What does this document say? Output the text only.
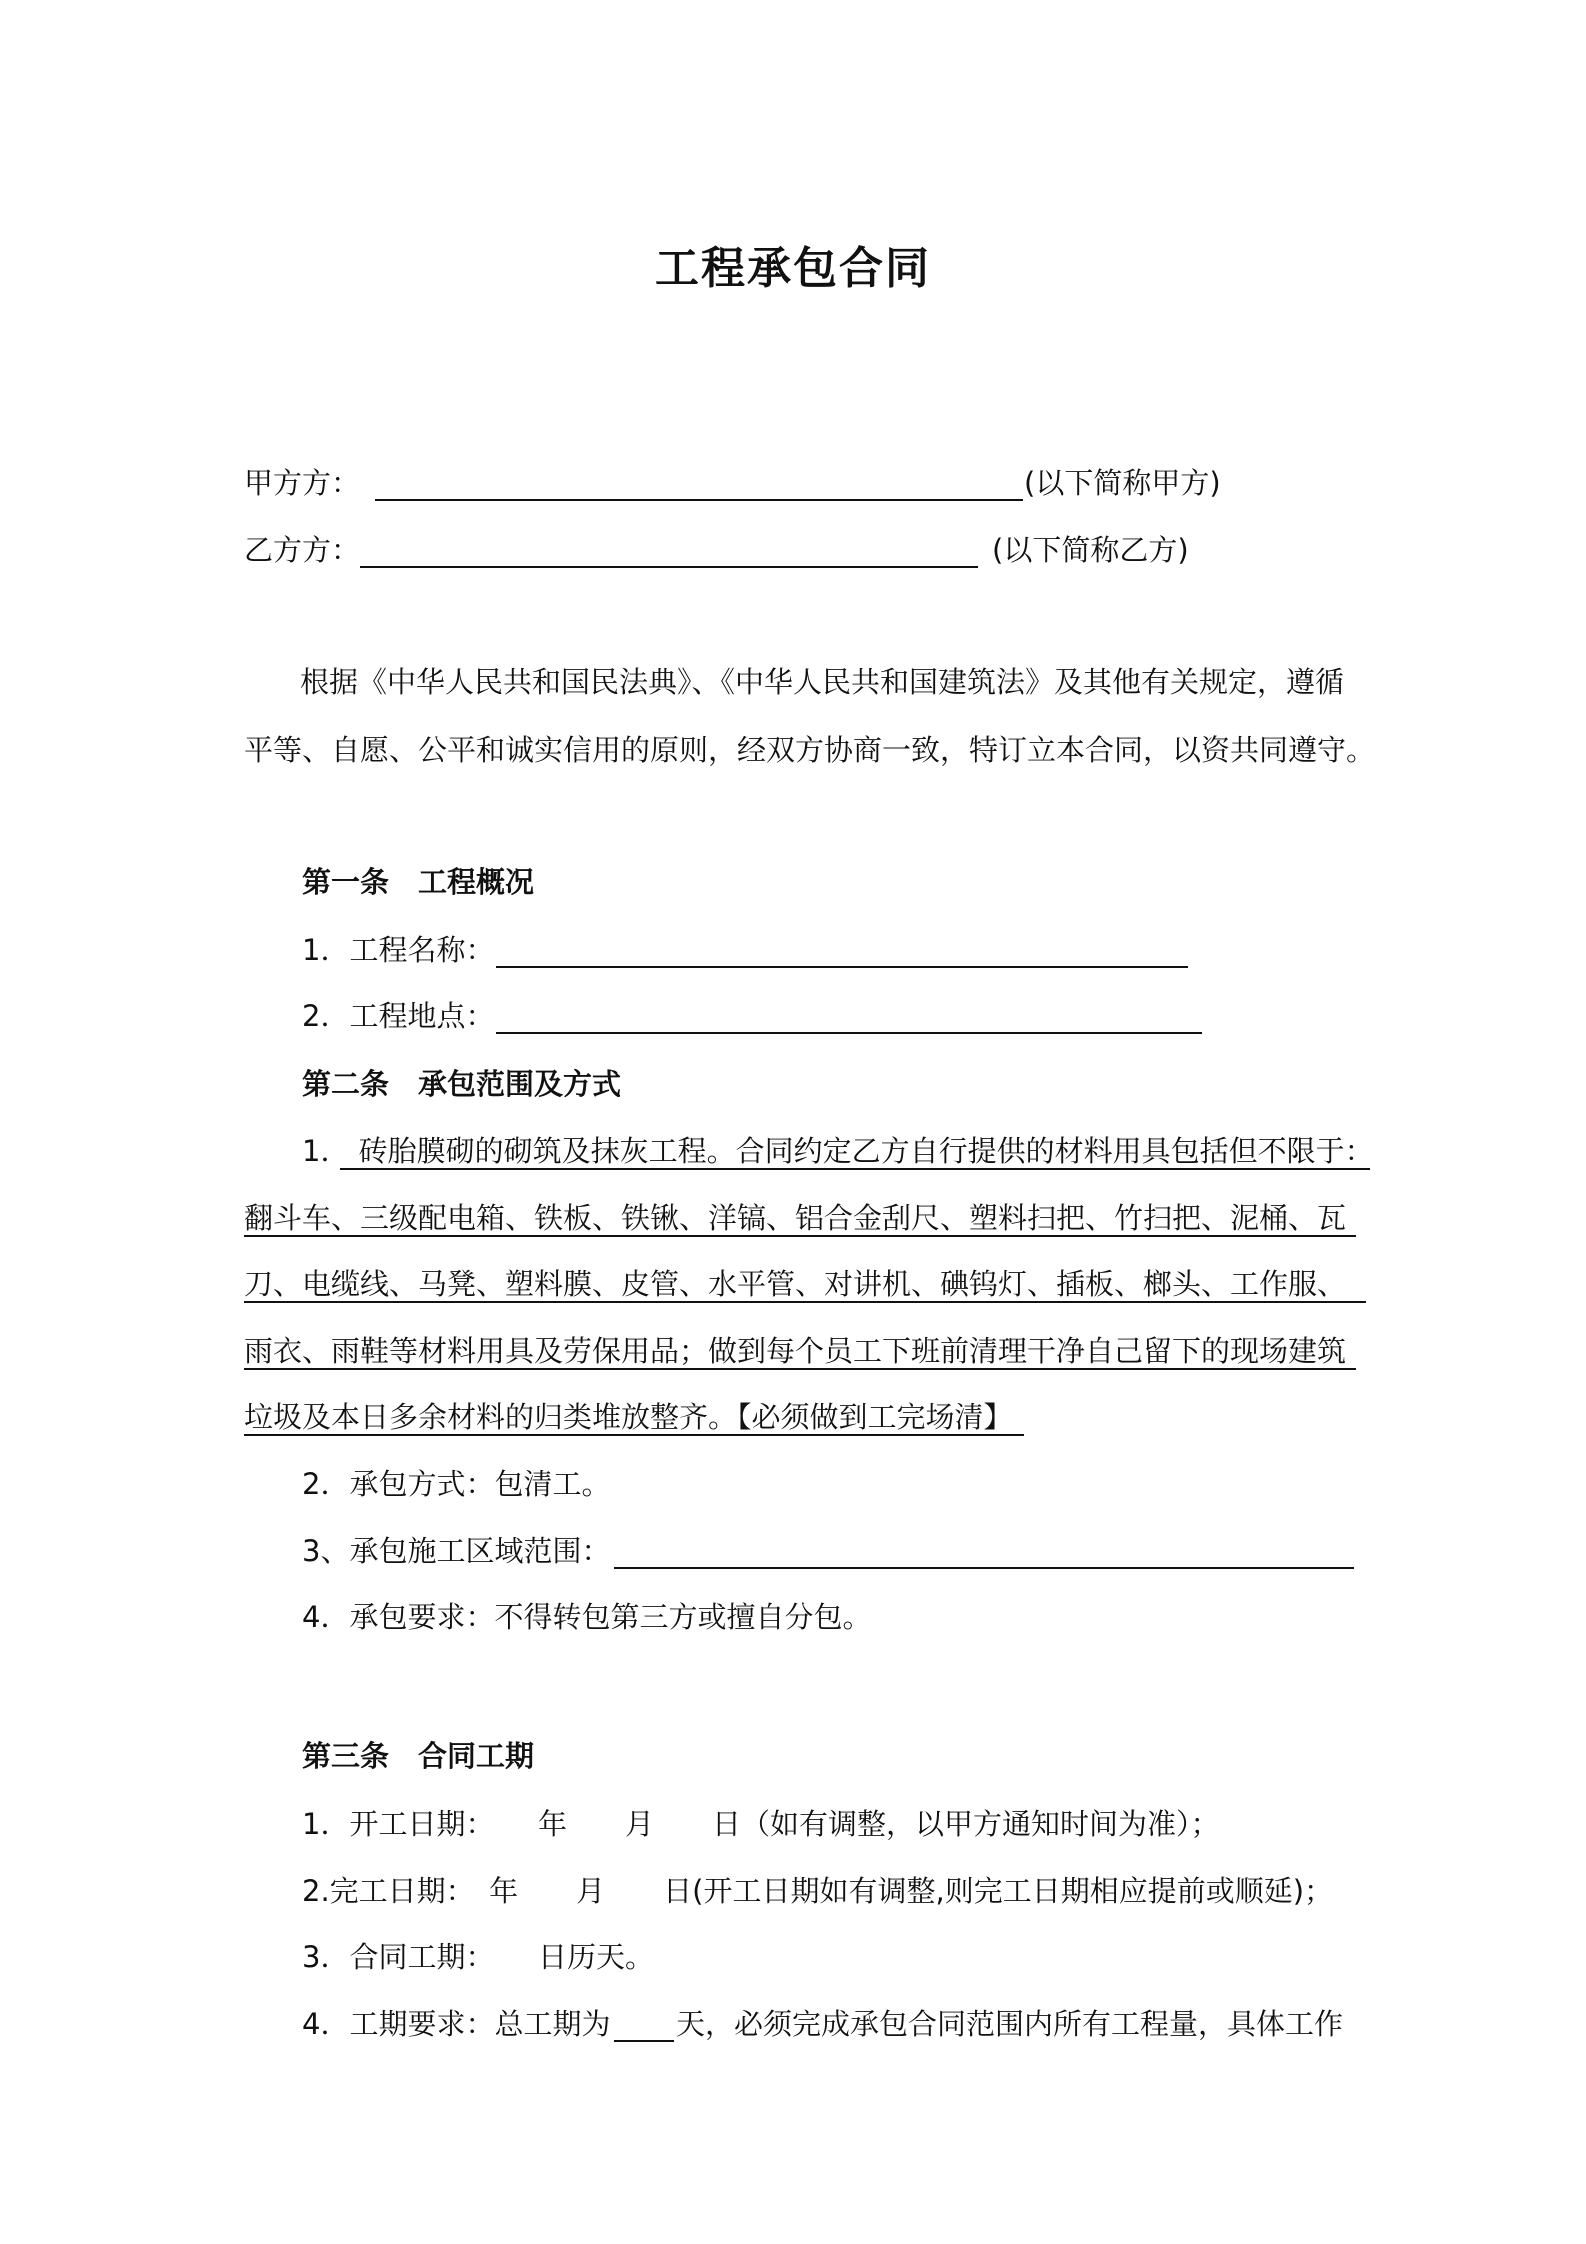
工程承包合同
甲方方：	(以下简称甲方)
乙方方：	(以下简称乙方)
根据《中华人民共和国民法典》、《中华人民共和国建筑法》及其他有关规定，遵循
平等、自愿、公平和诚实信用的原则，经双方协商一致，特订立本合同，以资共同遵守。
第一条　工程概况
1．工程名称：
2．工程地点：
第二条　承包范围及方式
1． 砖胎膜砌的砌筑及抹灰工程。合同约定乙方自行提供的材料用具包括但不限于：
翻斗车、三级配电箱、铁板、铁锹、洋镐、铝合金刮尺、塑料扫把、竹扫把、泥桶、瓦
刀、电缆线、马凳、塑料膜、皮管、水平管、对讲机、碘钨灯、插板、榔头、工作服、
雨衣、雨鞋等材料用具及劳保用品；做到每个员工下班前清理干净自己留下的现场建筑
垃圾及本日多余材料的归类堆放整齐。【必须做到工完场清】
2．承包方式：包清工。
3、承包施工区域范围：
4．承包要求：不得转包第三方或擅自分包。
第三条　合同工期
1．开工日期：　　年　　月　　日（如有调整，以甲方通知时间为准）；
2.完工日期：　年　　月　　日(开工日期如有调整,则完工日期相应提前或顺延)；
3．合同工期：　　日历天。
4．工期要求：总工期为 天，必须完成承包合同范围内所有工程量，具体工作
